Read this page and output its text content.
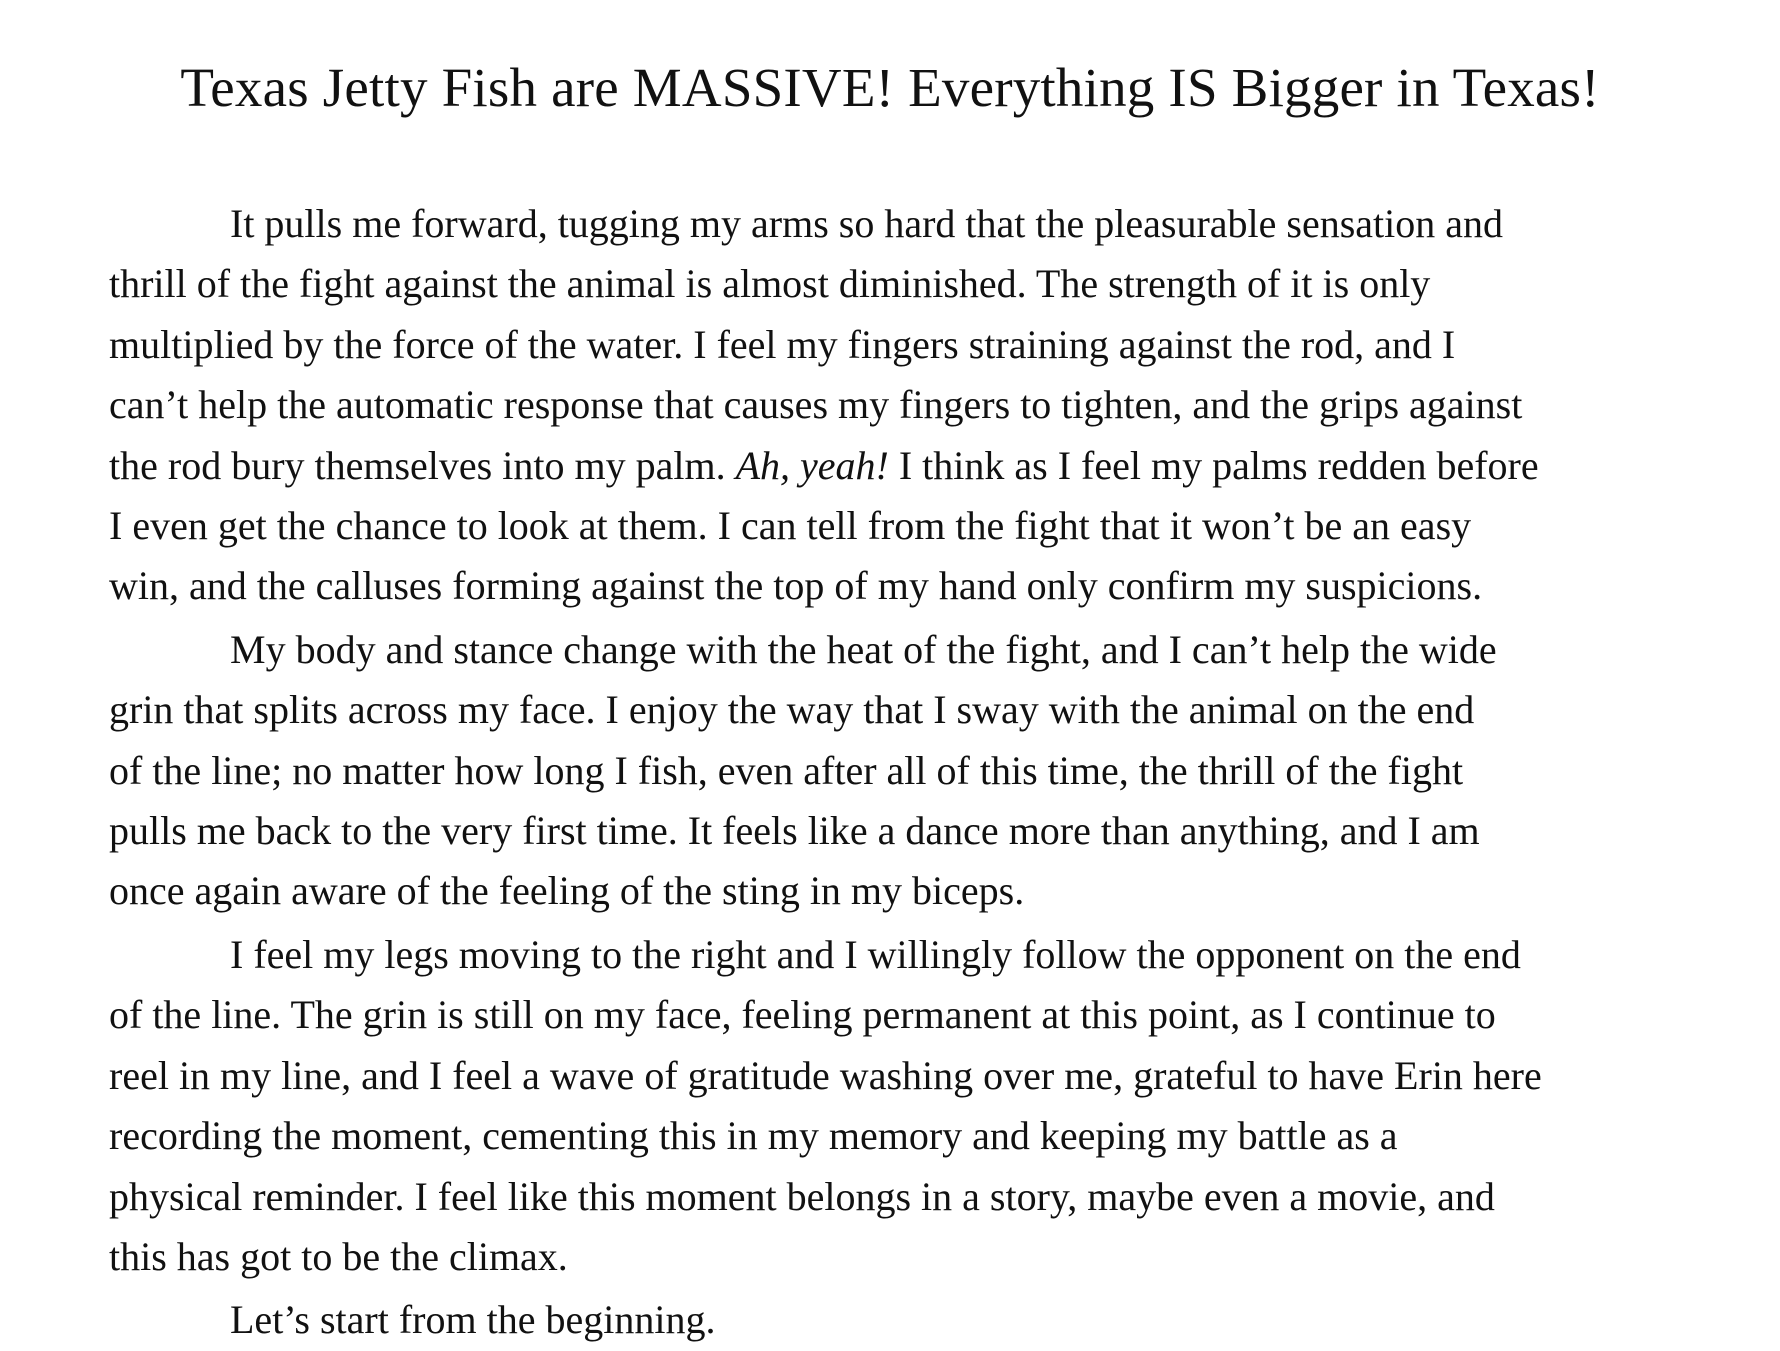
Texas Jetty Fish are MASSIVE! Everything IS Bigger in Texas!

It pulls me forward, tugging my arms so hard that the pleasurable sensation and
thrill of the fight against the animal is almost diminished. The strength of it is only
multiplied by the force of the water. I feel my fingers straining against the rod, and I
can’t help the automatic response that causes my fingers to tighten, and the grips against
the rod bury themselves into my palm. Ah, yeah! I think as I feel my palms redden before
I even get the chance to look at them. I can tell from the fight that it won’t be an easy
win, and the calluses forming against the top of my hand only confirm my suspicions.

My body and stance change with the heat of the fight, and I can’t help the wide
grin that splits across my face. I enjoy the way that I sway with the animal on the end
of the line; no matter how long I fish, even after all of this time, the thrill of the fight
pulls me back to the very first time. It feels like a dance more than anything, and I am
once again aware of the feeling of the sting in my biceps.

I feel my legs moving to the right and I willingly follow the opponent on the end
of the line. The grin is still on my face, feeling permanent at this point, as I continue to
reel in my line, and I feel a wave of gratitude washing over me, grateful to have Erin here
recording the moment, cementing this in my memory and keeping my battle as a
physical reminder. I feel like this moment belongs in a story, maybe even a movie, and
this has got to be the climax.

Let’s start from the beginning.
